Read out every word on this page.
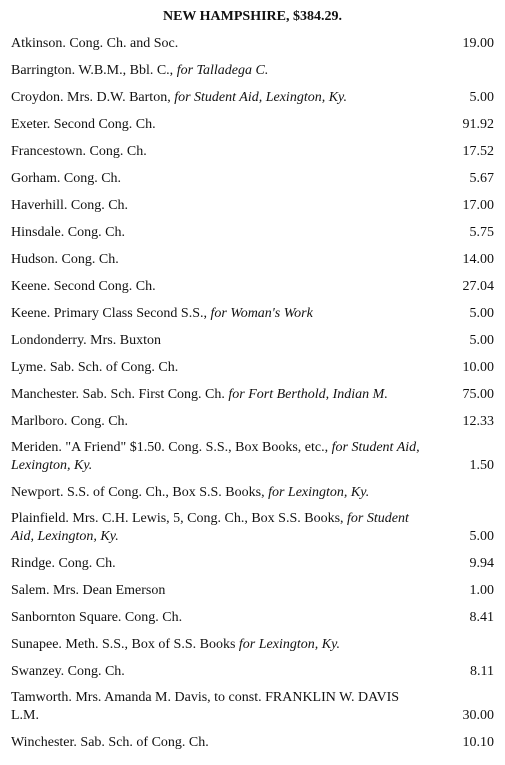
NEW HAMPSHIRE, $384.29.
Atkinson. Cong. Ch. and Soc.	19.00
Barrington. W.B.M., Bbl. C., for Talladega C.
Croydon. Mrs. D.W. Barton, for Student Aid, Lexington, Ky.	5.00
Exeter. Second Cong. Ch.	91.92
Francestown. Cong. Ch.	17.52
Gorham. Cong. Ch.	5.67
Haverhill. Cong. Ch.	17.00
Hinsdale. Cong. Ch.	5.75
Hudson. Cong. Ch.	14.00
Keene. Second Cong. Ch.	27.04
Keene. Primary Class Second S.S., for Woman's Work	5.00
Londonderry. Mrs. Buxton	5.00
Lyme. Sab. Sch. of Cong. Ch.	10.00
Manchester. Sab. Sch. First Cong. Ch. for Fort Berthold, Indian M.	75.00
Marlboro. Cong. Ch.	12.33
Meriden. "A Friend" $1.50. Cong. S.S., Box Books, etc., for Student Aid, Lexington, Ky.	1.50
Newport. S.S. of Cong. Ch., Box S.S. Books, for Lexington, Ky.
Plainfield. Mrs. C.H. Lewis, 5, Cong. Ch., Box S.S. Books, for Student Aid, Lexington, Ky.	5.00
Rindge. Cong. Ch.	9.94
Salem. Mrs. Dean Emerson	1.00
Sanbornton Square. Cong. Ch.	8.41
Sunapee. Meth. S.S., Box of S.S. Books for Lexington, Ky.
Swanzey. Cong. Ch.	8.11
Tamworth. Mrs. Amanda M. Davis, to const. FRANKLIN W. DAVIS L.M.	30.00
Winchester. Sab. Sch. of Cong. Ch.	10.10
